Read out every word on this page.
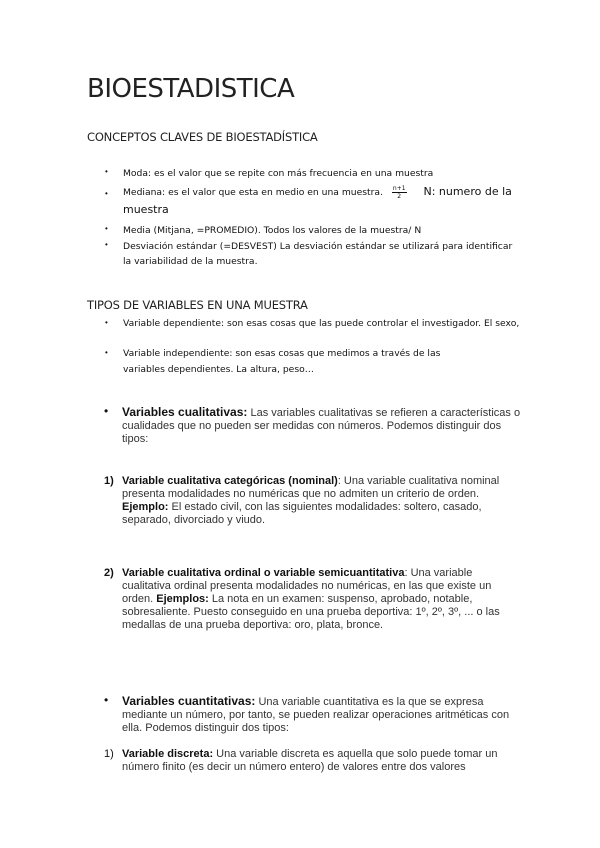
BIOESTADISTICA
CONCEPTOS CLAVES DE BIOESTADÍSTICA
• Moda: es el valor que se repite con más frecuencia en una muestra
• Mediana: es el valor que esta en medio en una muestra. $\frac{n+1}{2} N$: numero de la
muestra
• Media (Mitjana, =PROMEDIO). Todos los valores de la muestra/ N
• Desviación estándar (=DESVEST) La desviación estándar se utilizará para identificar la variabilidad de la muestra.
TIPOS DE VARIABLES EN UNA MUESTRA
• Variable dependiente: son esas cosas que las puede controlar el investigador. El sexo,
• Variable independiente: son esas cosas que medimos a través de las variables dependientes. La altura, peso…
• Variables cualitativas: Las variables cualitativas se refieren a características o cualidades que no pueden ser medidas con números. Podemos distinguir dos tipos:
1) Variable cualitativa categóricas (nominal): Una variable cualitativa nominal presenta modalidades no numéricas que no admiten un criterio de orden. Ejemplo: El estado civil, con las siguientes modalidades: soltero, casado, separado, divorciado y viudo.
2) Variable cualitativa ordinal o variable semicuantitativa: Una variable cualitativa ordinal presenta modalidades no numéricas, en las que existe un orden. Ejemplos: La nota en un examen: suspenso, aprobado, notable, sobresaliente. Puesto conseguido en una prueba deportiva: 1º, 2º, 3º, ... o las medallas de una prueba deportiva: oro, plata, bronce.
• Variables cuantitativas: Una variable cuantitativa es la que se expresa mediante un número, por tanto, se pueden realizar operaciones aritméticas con ella. Podemos distinguir dos tipos:
1) Variable discreta: Una variable discreta es aquella que solo puede tomar un número finito (es decir un número entero) de valores entre dos valores
